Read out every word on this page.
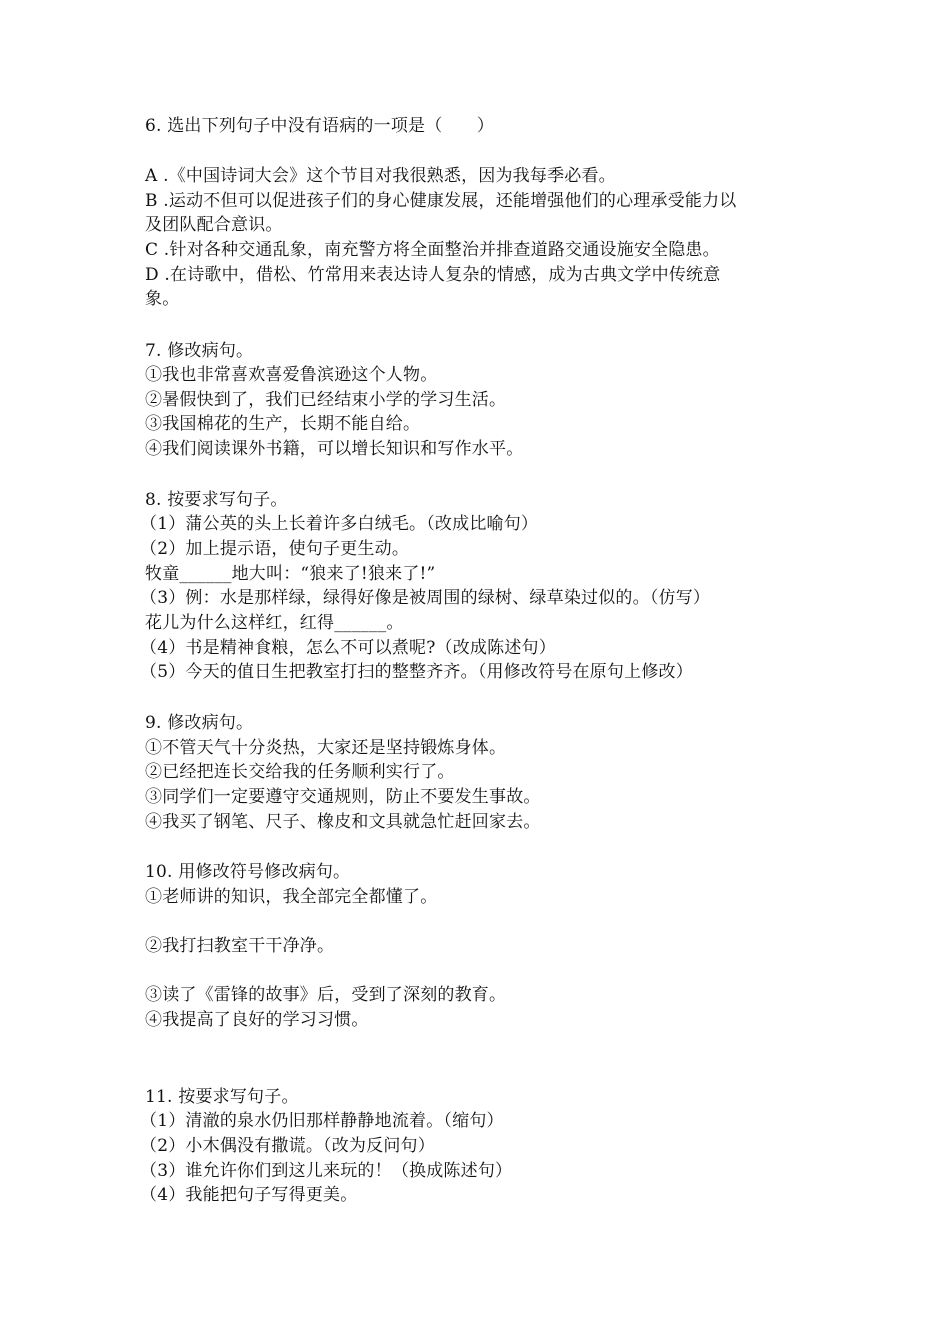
6. 选出下列句子中没有语病的一项是（　　）
A .《中国诗词大会》这个节目对我很熟悉，因为我每季必看。
B .运动不但可以促进孩子们的身心健康发展，还能增强他们的心理承受能力以
及团队配合意识。
C .针对各种交通乱象，南充警方将全面整治并排查道路交通设施安全隐患。
D .在诗歌中，借松、竹常用来表达诗人复杂的情感，成为古典文学中传统意
象。
7. 修改病句。
①我也非常喜欢喜爱鲁滨逊这个人物。
②暑假快到了，我们已经结束小学的学习生活。
③我国棉花的生产，长期不能自给。
④我们阅读课外书籍，可以增长知识和写作水平。
8. 按要求写句子。
（1）蒲公英的头上长着许多白绒毛。（改成比喻句）
（2）加上提示语，使句子更生动。
牧童______地大叫：“狼来了!狼来了!”
（3）例：水是那样绿，绿得好像是被周围的绿树、绿草染过似的。（仿写）
花儿为什么这样红，红得______。
（4）书是精神食粮，怎么不可以煮呢?（改成陈述句）
（5）今天的值日生把教室打扫的整整齐齐。（用修改符号在原句上修改）
9. 修改病句。
①不管天气十分炎热，大家还是坚持锻炼身体。
②已经把连长交给我的任务顺利实行了。
③同学们一定要遵守交通规则，防止不要发生事故。
④我买了钢笔、尺子、橡皮和文具就急忙赶回家去。
10. 用修改符号修改病句。
①老师讲的知识，我全部完全都懂了。
②我打扫教室干干净净。
③读了《雷锋的故事》后，受到了深刻的教育。
④我提高了良好的学习习惯。
11. 按要求写句子。
（1）清澈的泉水仍旧那样静静地流着。（缩句）
（2）小木偶没有撒谎。（改为反问句）
（3）谁允许你们到这儿来玩的！（换成陈述句）
（4）我能把句子写得更美。
